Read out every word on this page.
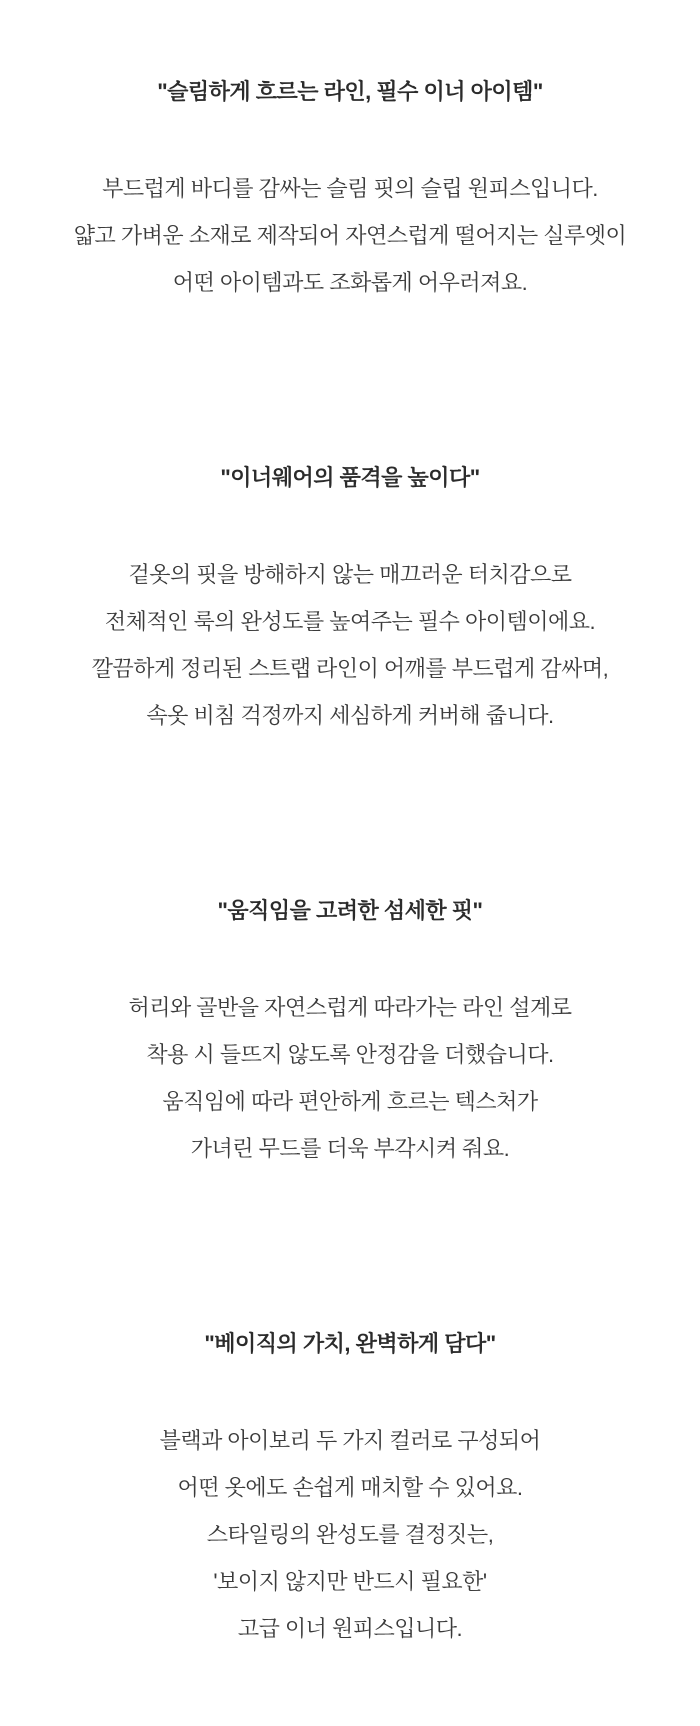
"슬림하게 흐르는 라인, 필수 이너 아이템"

부드럽게 바디를 감싸는 슬림 핏의 슬립 원피스입니다.

얇고 가벼운 소재로 제작되어 자연스럽게 떨어지는 실루엣이

어떤 아이템과도 조화롭게 어우러져요.

"이너웨어의 품격을 높이다"

겉옷의 핏을 방해하지 않는 매끄러운 터치감으로

전체적인 룩의 완성도를 높여주는 필수 아이템이에요.

깔끔하게 정리된 스트랩 라인이 어깨를 부드럽게 감싸며,

속옷 비침 걱정까지 세심하게 커버해 줍니다.

"움직임을 고려한 섬세한 핏"

허리와 골반을 자연스럽게 따라가는 라인 설계로

착용 시 들뜨지 않도록 안정감을 더했습니다.

움직임에 따라 편안하게 흐르는 텍스처가

가녀린 무드를 더욱 부각시켜 줘요.

"베이직의 가치, 완벽하게 담다"

블랙과 아이보리 두 가지 컬러로 구성되어

어떤 옷에도 손쉽게 매치할 수 있어요.

스타일링의 완성도를 결정짓는,

'보이지 않지만 반드시 필요한'

고급 이너 원피스입니다.
